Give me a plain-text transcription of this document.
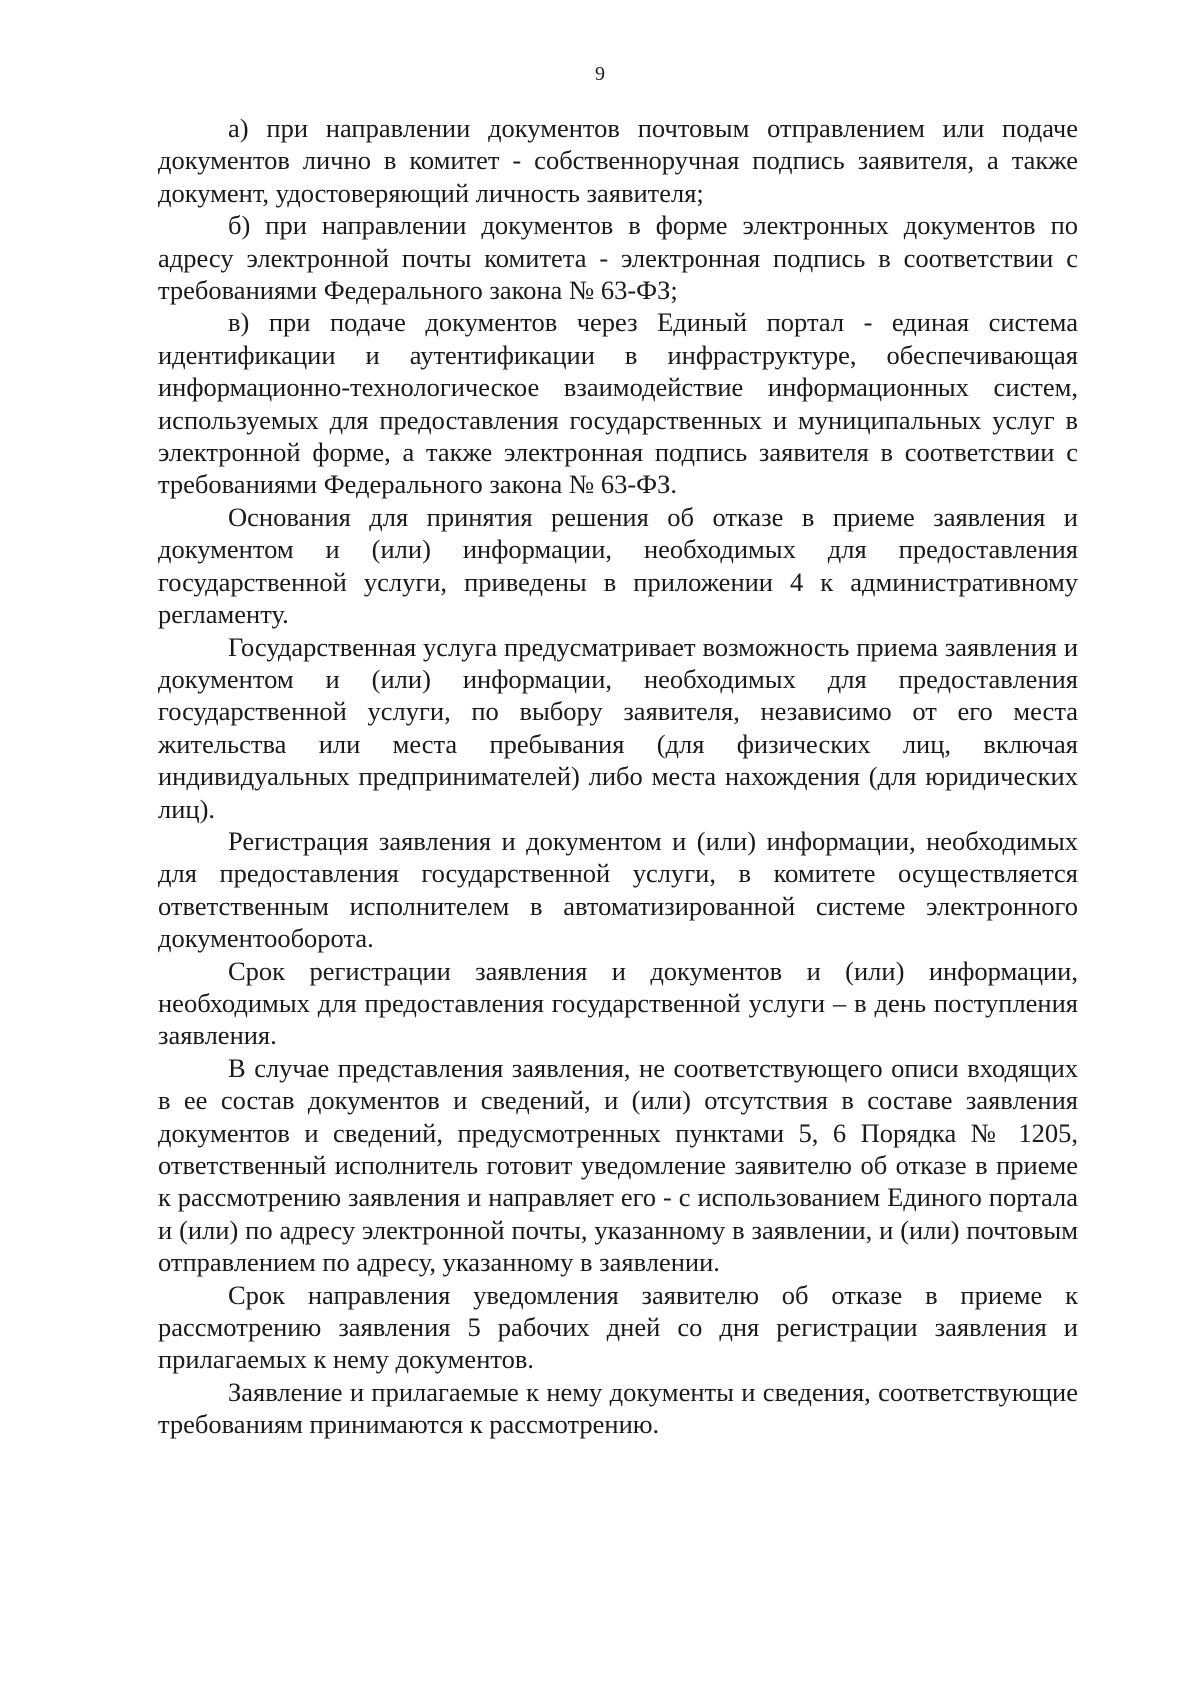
9

а) при направлении документов почтовым отправлением или подаче документов лично в комитет - собственноручная подпись заявителя, а также документ, удостоверяющий личность заявителя;

б) при направлении документов в форме электронных документов по адресу электронной почты комитета - электронная подпись в соответствии с требованиями Федерального закона № 63-ФЗ;

в) при подаче документов через Единый портал - единая система идентификации и аутентификации в инфраструктуре, обеспечивающая информационно-технологическое взаимодействие информационных систем, используемых для предоставления государственных и муниципальных услуг в электронной форме, а также электронная подпись заявителя в соответствии с требованиями Федерального закона № 63-ФЗ.

Основания для принятия решения об отказе в приеме заявления и документом и (или) информации, необходимых для предоставления государственной услуги, приведены в приложении 4 к административному регламенту.

Государственная услуга предусматривает возможность приема заявления и документом и (или) информации, необходимых для предоставления государственной услуги, по выбору заявителя, независимо от его места жительства или места пребывания (для физических лиц, включая индивидуальных предпринимателей) либо места нахождения (для юридических лиц).

Регистрация заявления и документом и (или) информации, необходимых для предоставления государственной услуги, в комитете осуществляется ответственным исполнителем в автоматизированной системе электронного документооборота.

Срок регистрации заявления и документов и (или) информации, необходимых для предоставления государственной услуги – в день поступления заявления.

В случае представления заявления, не соответствующего описи входящих в ее состав документов и сведений, и (или) отсутствия в составе заявления документов и сведений, предусмотренных пунктами 5, 6 Порядка № 1205, ответственный исполнитель готовит уведомление заявителю об отказе в приеме к рассмотрению заявления и направляет его - с использованием Единого портала и (или) по адресу электронной почты, указанному в заявлении, и (или) почтовым отправлением по адресу, указанному в заявлении.

Срок направления уведомления заявителю об отказе в приеме к рассмотрению заявления 5 рабочих дней со дня регистрации заявления и прилагаемых к нему документов.

Заявление и прилагаемые к нему документы и сведения, соответствующие требованиям принимаются к рассмотрению.
